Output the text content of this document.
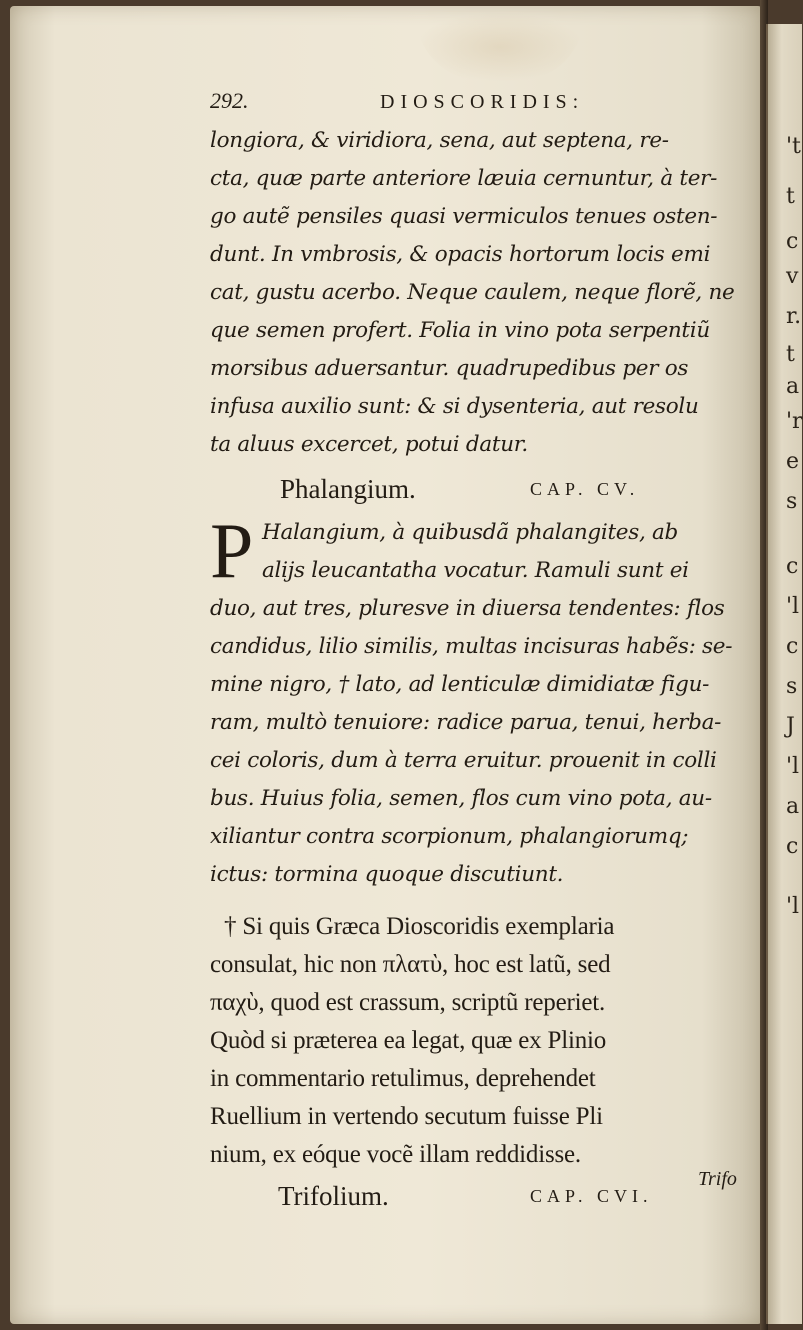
't
t
c
v
r.
t
a
'r
e
s
c
'l
c
s
J
'l
a
c
'l
292.	DIOSCORIDIS:
longiora, & viridiora, sena, aut septena, re-
cta, quæ parte anteriore læuia cernuntur, à ter-
go autẽ pensiles quasi vermiculos tenues osten-
dunt. In vmbrosis, & opacis hortorum locis emi
cat, gustu acerbo. Neque caulem, neque florẽ, ne
que semen profert. Folia in vino pota serpentiũ
morsibus aduersantur. quadrupedibus per os
infusa auxilio sunt: & si dysenteria, aut resolu
ta aluus excercet, potui datur.
Phalangium.	CAP. CV.
P Halangium, à quibusdã phalangites, ab
alijs leucantatha vocatur. Ramuli sunt ei
duo, aut tres, pluresve in diuersa tendentes: flos
candidus, lilio similis, multas incisuras habẽs: se-
mine nigro, † lato, ad lenticulæ dimidiatæ figu-
ram, multò tenuiore: radice parua, tenui, herba-
cei coloris, dum à terra eruitur. prouenit in colli
bus. Huius folia, semen, flos cum vino pota, au-
xiliantur contra scorpionum, phalangiorumq;
ictus: tormina quoque discutiunt.
† Si quis Græca Dioscoridis exemplaria
consulat, hic non πλατὺ, hoc est latũ, sed
παχὺ, quod est crassum, scriptũ reperiet.
Quòd si præterea ea legat, quæ ex Plinio
in commentario retulimus, deprehendet
Ruellium in vertendo secutum fuisse Pli
nium, ex eóque vocẽ illam reddidisse.
Trifolium.	CAP. CVI.
Trifo
